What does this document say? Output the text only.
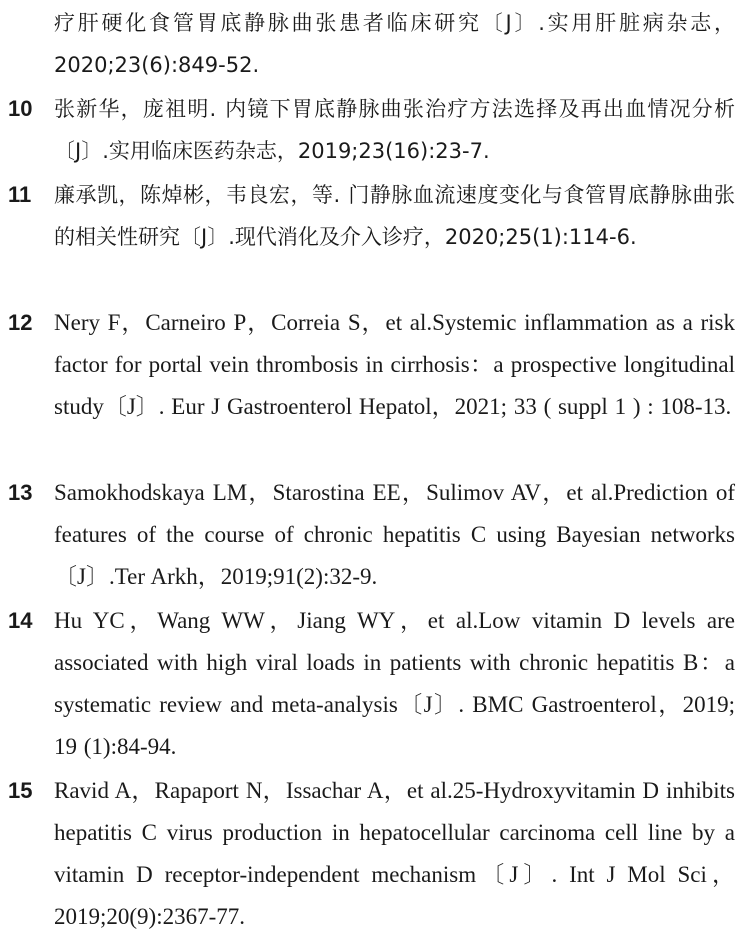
疗肝硬化食管胃底静脉曲张患者临床研究〔J〕.实用肝脏病杂志，2020;23(6):849-52.

10	张新华，庞祖明. 内镜下胃底静脉曲张治疗方法选择及再出血情况分析〔J〕.实用临床医药杂志，2019;23(16):23-7.

11	廉承凯，陈焯彬，韦良宏，等. 门静脉血流速度变化与食管胃底静脉曲张的相关性研究〔J〕.现代消化及介入诊疗，2020;25(1):114-6.

12 Nery F，Carneiro P，Correia S，et al.Systemic inflammation as a risk factor for portal vein thrombosis in cirrhosis：a prospective longitudinal study〔J〕. Eur J Gastroenterol Hepatol，2021; 33 ( suppl 1 ) : 108-13.

13 Samokhodskaya LM，Starostina EE，Sulimov AV，et al.Prediction of features of the course of chronic hepatitis C using Bayesian networks〔J〕.Ter Arkh，2019;91(2):32-9.

14 Hu YC，Wang WW，Jiang WY，et al.Low vitamin D levels are associated with high viral loads in patients with chronic hepatitis B：a systematic review and meta-analysis〔J〕. BMC Gastroenterol，2019; 19 (1):84-94.

15 Ravid A，Rapaport N，Issachar A，et al.25-Hydroxyvitamin D inhibits hepatitis C virus production in hepatocellular carcinoma cell line by a vitamin D receptor-independent mechanism〔J〕. Int J Mol Sci，2019;20(9):2367-77.
